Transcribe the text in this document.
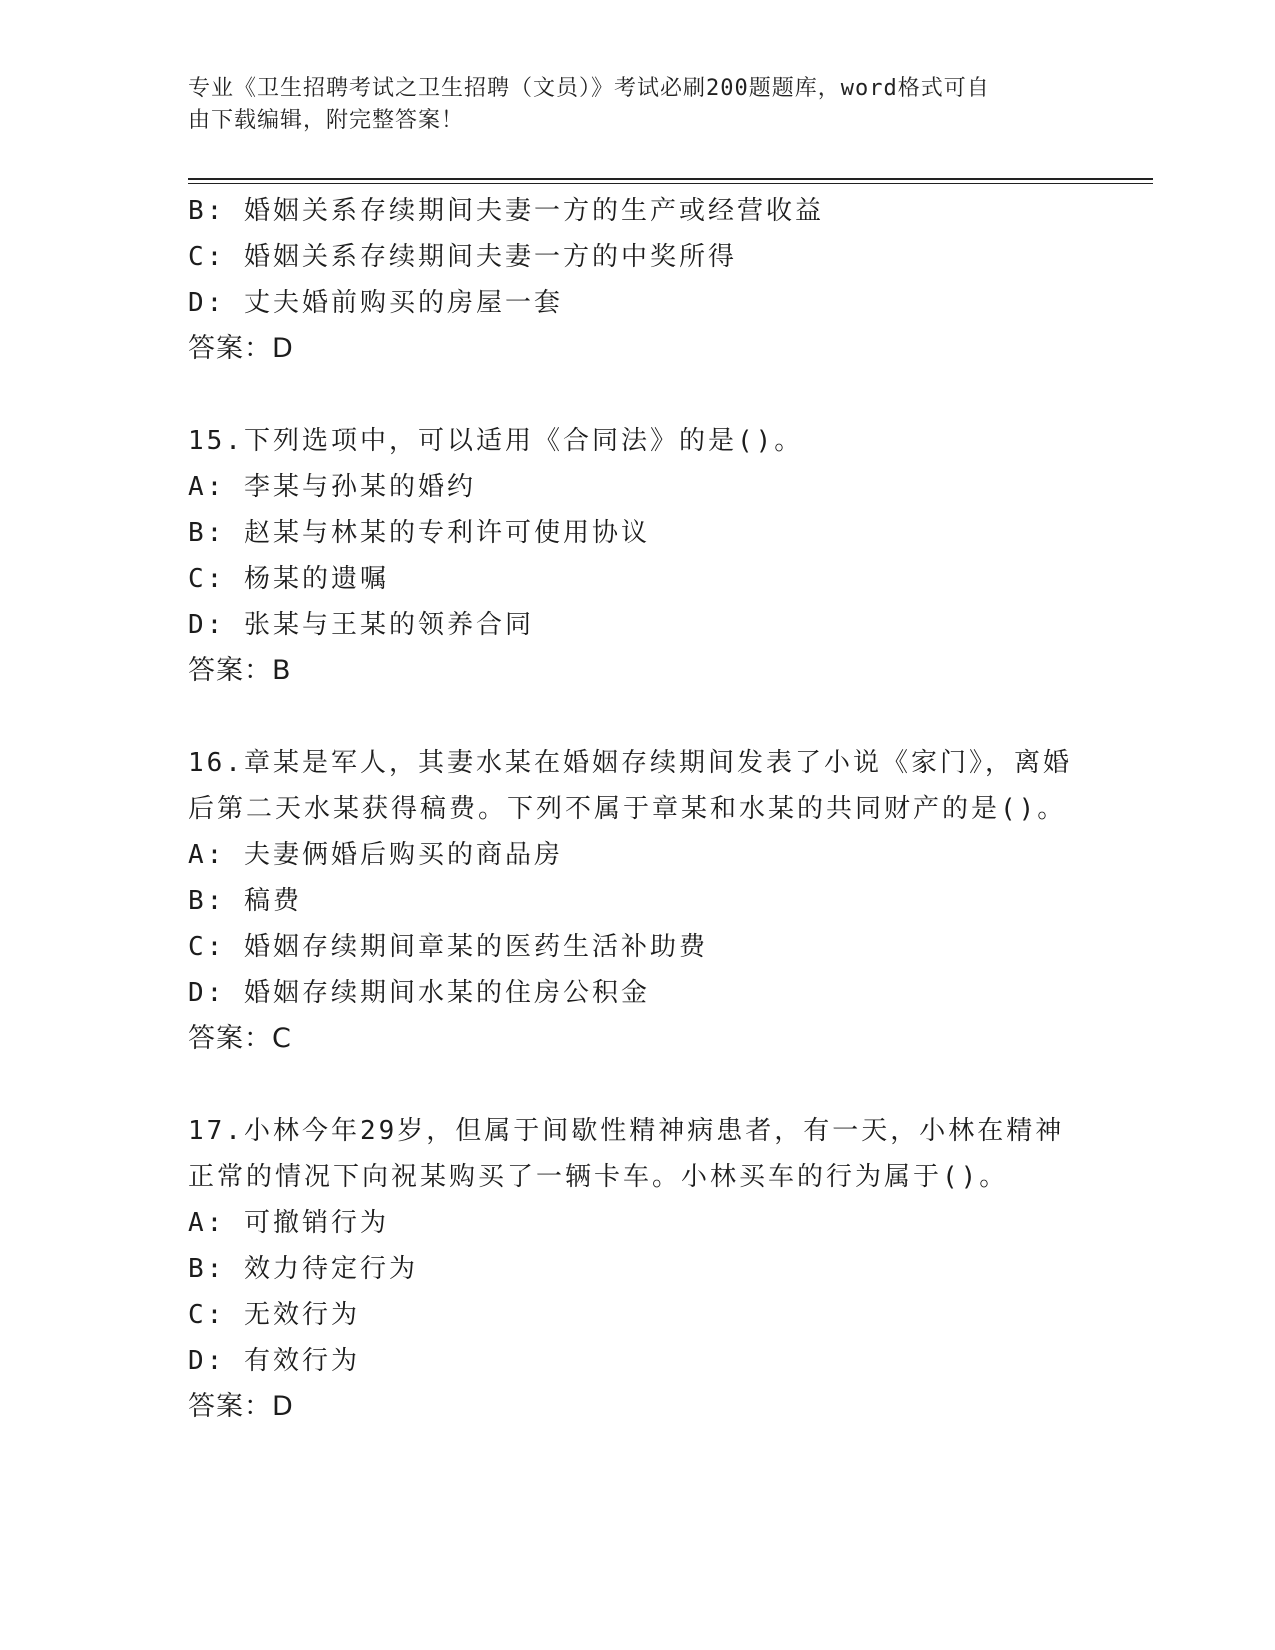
专业《卫生招聘考试之卫生招聘（文员）》考试必刷200题题库，word格式可自
由下载编辑，附完整答案！
B: 婚姻关系存续期间夫妻一方的生产或经营收益
C: 婚姻关系存续期间夫妻一方的中奖所得
D: 丈夫婚前购买的房屋一套
答案：D
15.下列选项中，可以适用《合同法》的是()。
A: 李某与孙某的婚约
B: 赵某与林某的专利许可使用协议
C: 杨某的遗嘱
D: 张某与王某的领养合同
答案：B
16.章某是军人，其妻水某在婚姻存续期间发表了小说《家门》，离婚
后第二天水某获得稿费。下列不属于章某和水某的共同财产的是()。
A: 夫妻俩婚后购买的商品房
B: 稿费
C: 婚姻存续期间章某的医药生活补助费
D: 婚姻存续期间水某的住房公积金
答案：C
17.小林今年29岁，但属于间歇性精神病患者，有一天，小林在精神
正常的情况下向祝某购买了一辆卡车。小林买车的行为属于()。
A: 可撤销行为
B: 效力待定行为
C: 无效行为
D: 有效行为
答案：D
